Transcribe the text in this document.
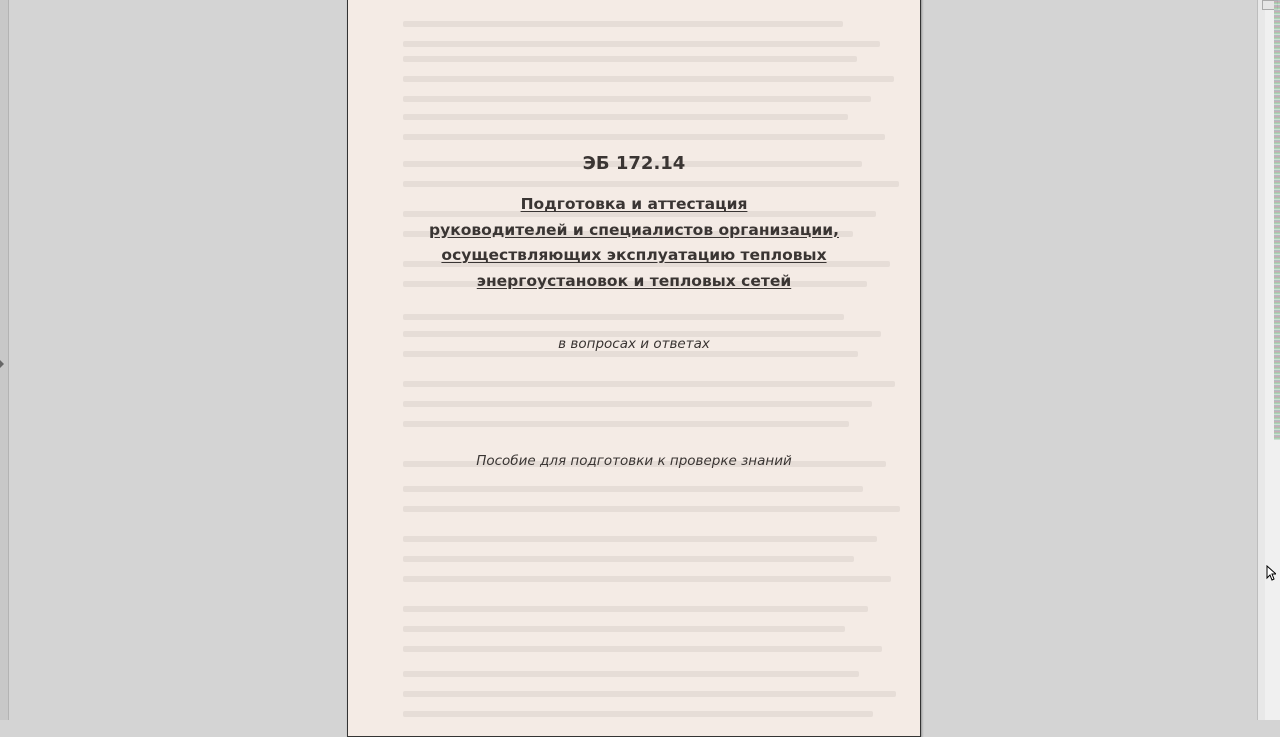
ЭБ 172.14
Подготовка и аттестация
руководителей и специалистов организации,
осуществляющих эксплуатацию тепловых
энергоустановок и тепловых сетей
в вопросах и ответах
Пособие для подготовки к проверке знаний
